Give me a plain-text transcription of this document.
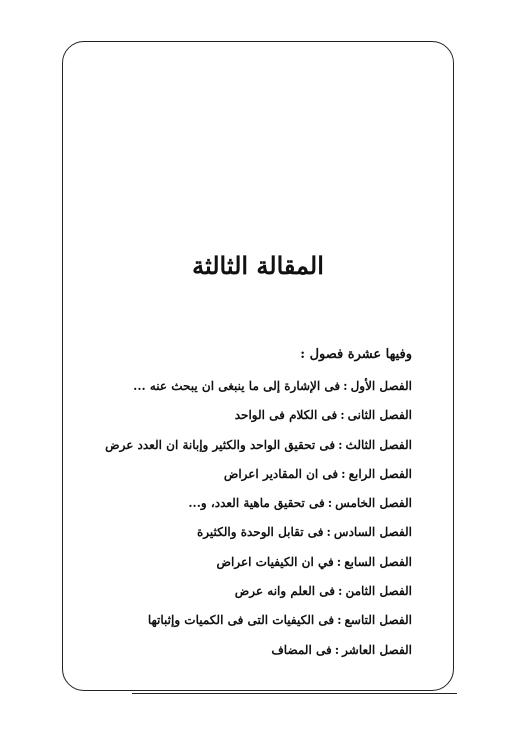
المقالة الثالثة
وفيها عشرة فصول :
الفصل الأول:فى الإشارة إلى ما ينبغى ان يبحث عنه ...
الفصل الثانى:فى الكلام فى الواحد
الفصل الثالث:فى تحقيق الواحد والكثير وإبانة ان العدد عرض
الفصل الرابع:فى ان المقادير اعراض
الفصل الخامس:فى تحقيق ماهية العدد، و...
الفصل السادس:فى تقابل الوحدة والكثيرة
الفصل السابع:في ان الكيفيات اعراض
الفصل الثامن:فى العلم وانه عرض
الفصل التاسع:فى الكيفيات التى فى الكميات وإثباتها
الفصل العاشر:فى المضاف
